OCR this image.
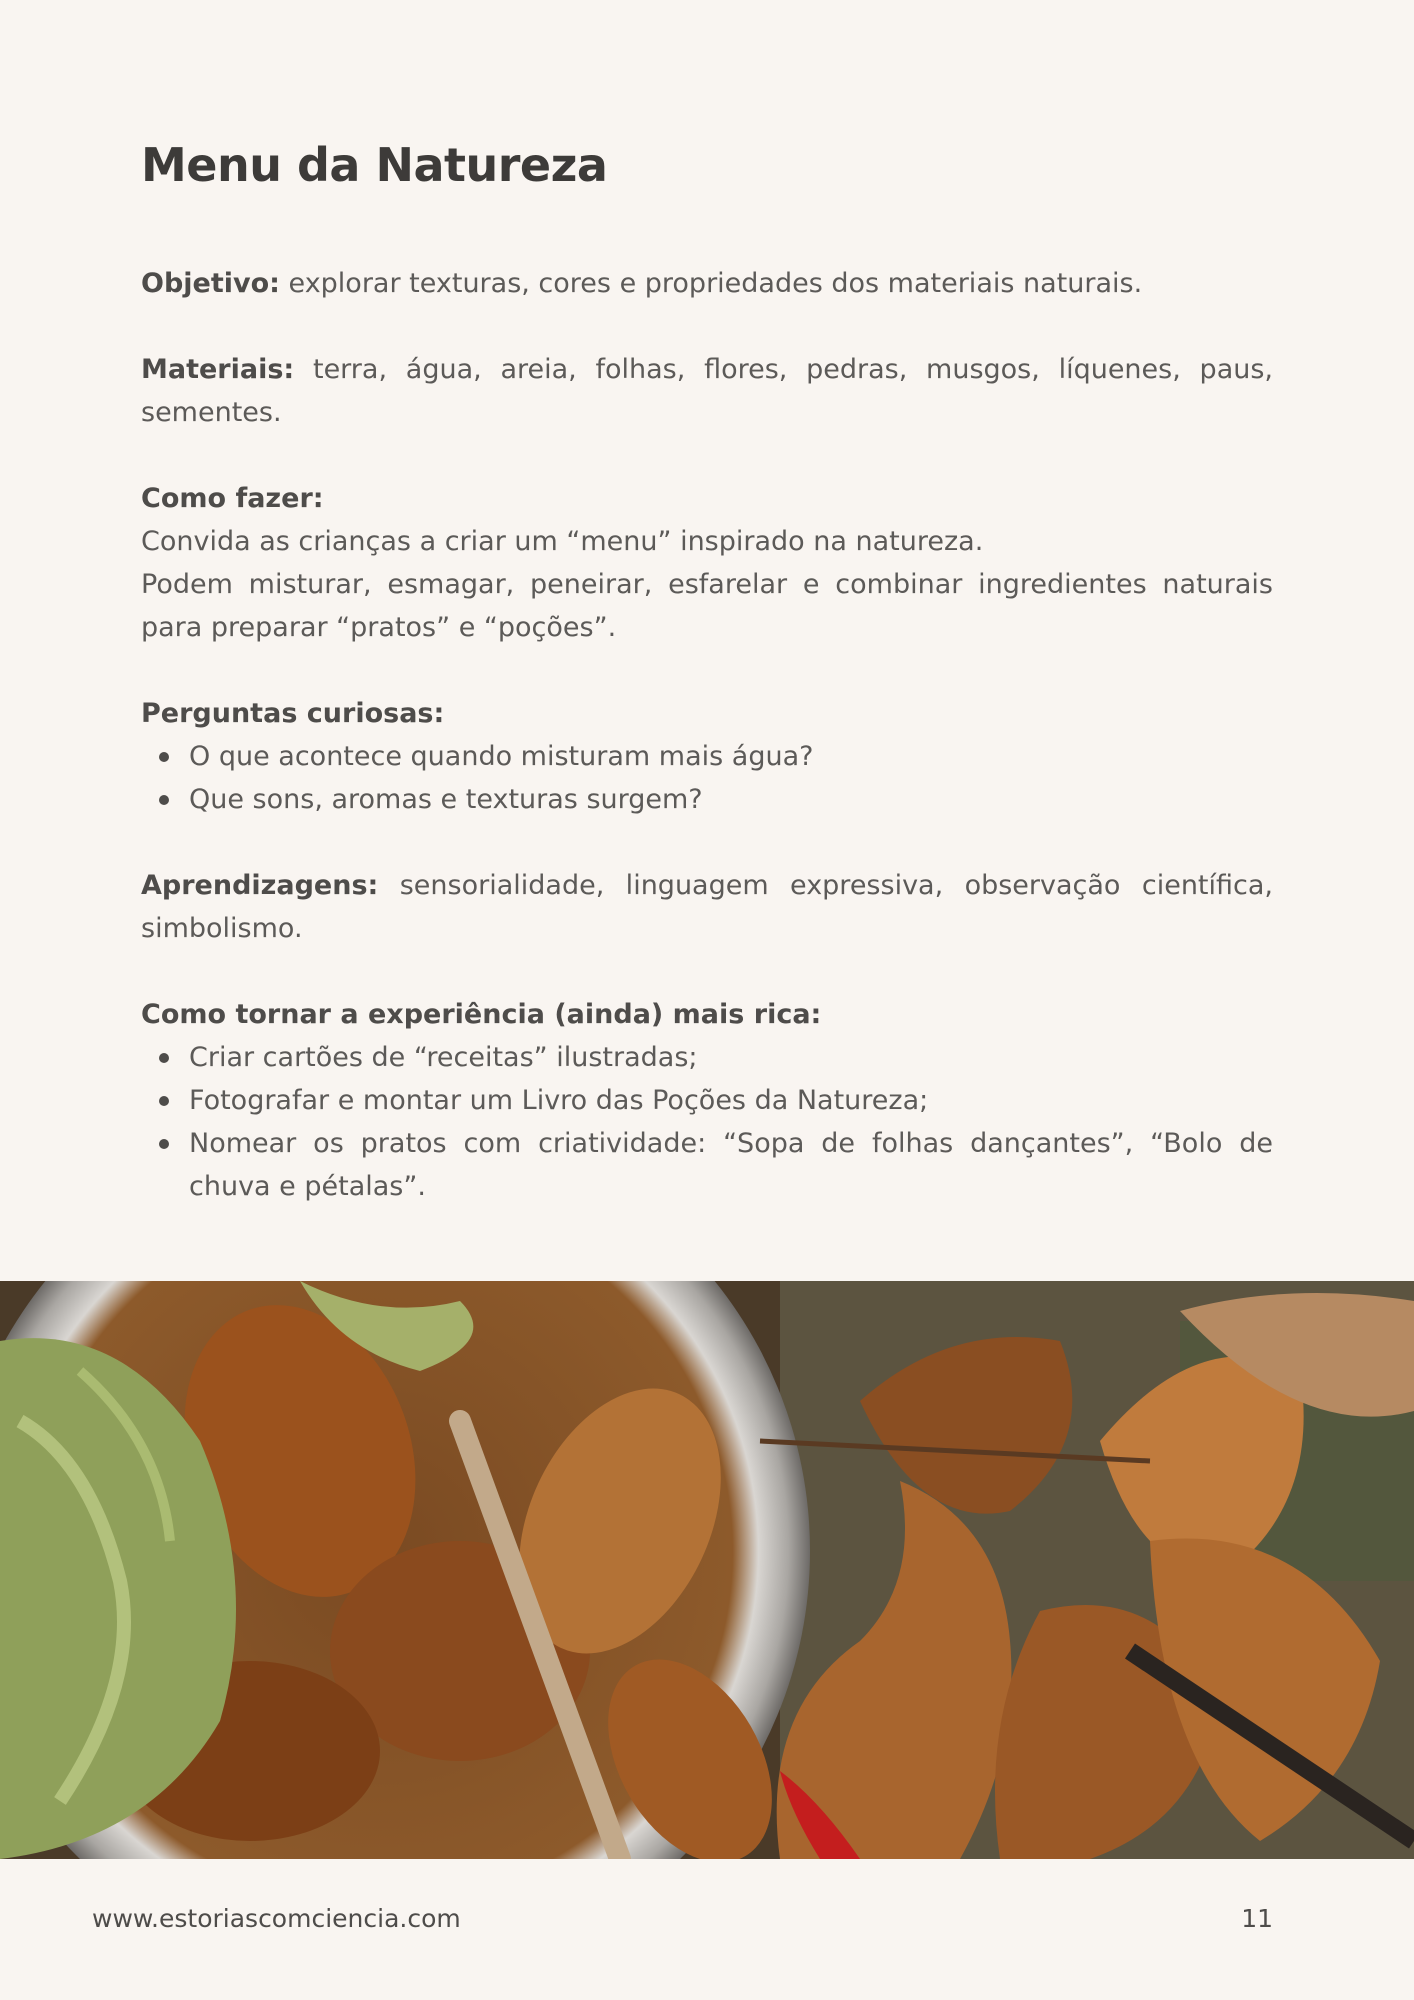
Menu da Natureza

Objetivo: explorar texturas, cores e propriedades dos materiais naturais.

Materiais: terra, água, areia, folhas, flores, pedras, musgos, líquenes, paus, sementes.

Como fazer:

Convida as crianças a criar um “menu” inspirado na natureza.

Podem misturar, esmagar, peneirar, esfarelar e combinar ingredientes naturais para preparar “pratos” e “poções”.

Perguntas curiosas:

O que acontece quando misturam mais água?
Que sons, aromas e texturas surgem?

Aprendizagens: sensorialidade, linguagem expressiva, observação científica, simbolismo.

Como tornar a experiência (ainda) mais rica:

Criar cartões de “receitas” ilustradas;
Fotografar e montar um Livro das Poções da Natureza;
Nomear os pratos com criatividade: “Sopa de folhas dançantes”, “Bolo de chuva e pétalas”.
www.estoriascomciencia.com	11
